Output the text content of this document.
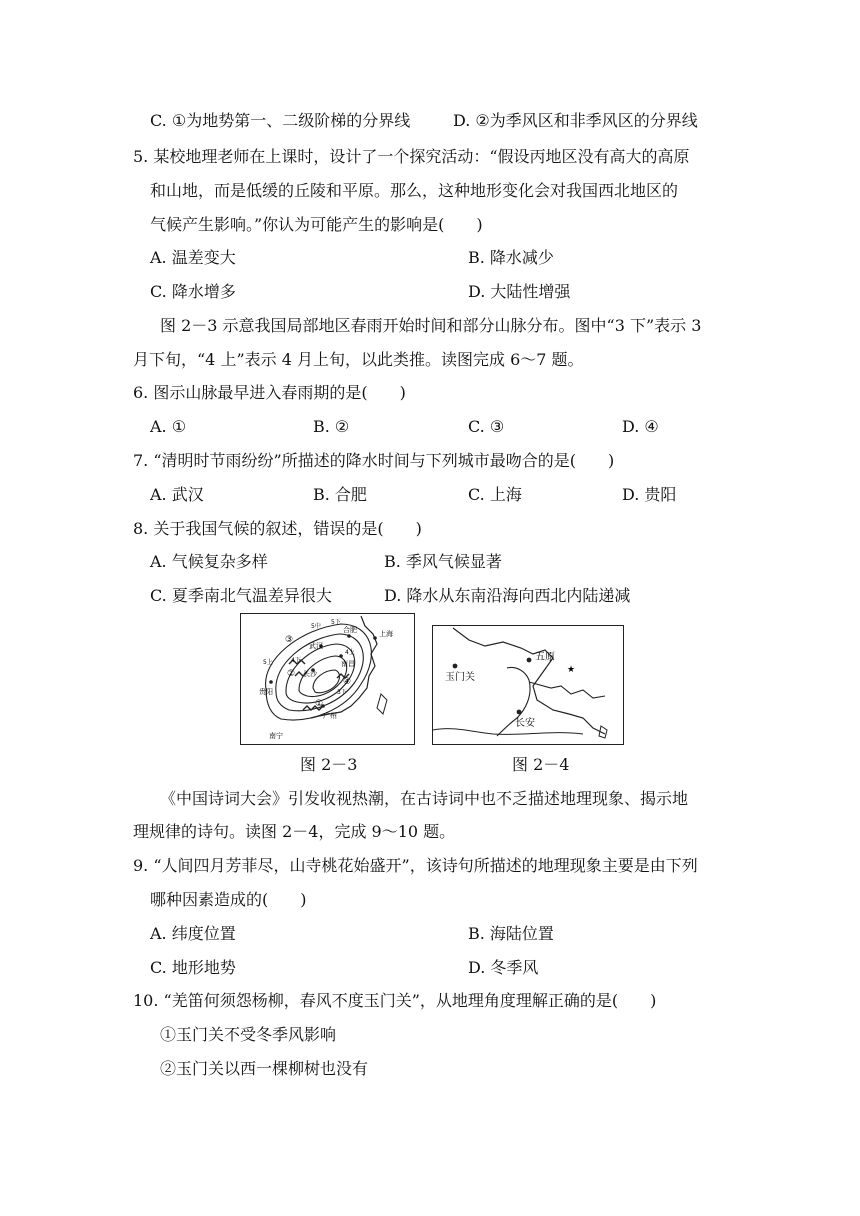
C. ①为地势第一、二级阶梯的分界线	D. ②为季风区和非季风区的分界线
5. 某校地理老师在上课时，设计了一个探究活动：“假设丙地区没有高大的高原
和山地，而是低缓的丘陵和平原。那么，这种地形变化会对我国西北地区的
气候产生影响。”你认为可能产生的影响是(　　)
A. 温差变大	B. 降水减少
C. 降水增多	D. 大陆性增强
图 2－3 示意我国局部地区春雨开始时间和部分山脉分布。图中“3 下”表示 3
月下旬，“4 上”表示 4 月上旬，以此类推。读图完成 6～7 题。
6. 图示山脉最早进入春雨期的是(　　)
A. ①	B. ②	C. ③	D. ④
7. “清明时节雨纷纷”所描述的降水时间与下列城市最吻合的是(　　)
A. 武汉	B. 合肥	C. 上海	D. 贵阳
8. 关于我国气候的叙述，错误的是(　　)
A. 气候复杂多样	B. 季风气候显著
C. 夏季南北气温差异很大	D. 降水从东南沿海向西北内陆递减
合肥	上海
武汉
南昌
长沙
贵阳
广州
南宁
③
②
①
④
5中
5下
5上	4下
4上
3下
图 2－3
★
玉门关
五原
长安
图 2－4
《中国诗词大会》引发收视热潮，在古诗词中也不乏描述地理现象、揭示地
理规律的诗句。读图 2－4，完成 9～10 题。
9. “人间四月芳菲尽，山寺桃花始盛开”，该诗句所描述的地理现象主要是由下列
哪种因素造成的(　　)
A. 纬度位置	B. 海陆位置
C. 地形地势	D. 冬季风
10. “羌笛何须怨杨柳，春风不度玉门关”，从地理角度理解正确的是(　　)
①玉门关不受冬季风影响
②玉门关以西一棵柳树也没有
